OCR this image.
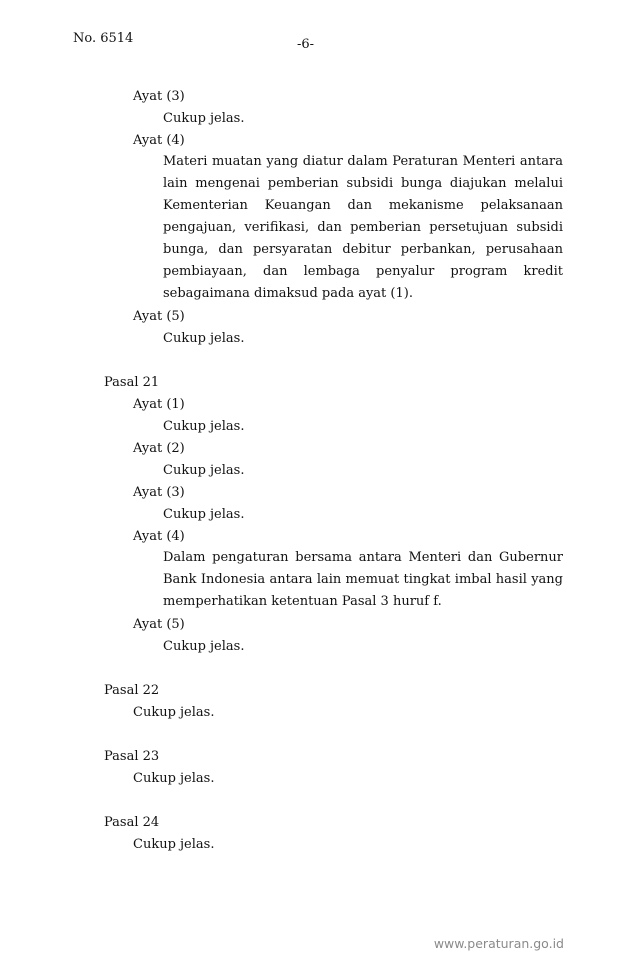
No. 6514	-6-
Ayat (3)
Cukup jelas.
Ayat (4)
Materi muatan yang diatur dalam Peraturan Menteri antara lain mengenai pemberian subsidi bunga diajukan melalui Kementerian Keuangan dan mekanisme pelaksanaan pengajuan, verifikasi, dan pemberian persetujuan subsidi bunga, dan persyaratan debitur perbankan, perusahaan pembiayaan, dan lembaga penyalur program kredit sebagaimana dimaksud pada ayat (1).
Ayat (5)
Cukup jelas.
Pasal 21
Ayat (1)
Cukup jelas.
Ayat (2)
Cukup jelas.
Ayat (3)
Cukup jelas.
Ayat (4)
Dalam pengaturan bersama antara Menteri dan Gubernur Bank Indonesia antara lain memuat tingkat imbal hasil yang memperhatikan ketentuan Pasal 3 huruf f.
Ayat (5)
Cukup jelas.
Pasal 22
Cukup jelas.
Pasal 23
Cukup jelas.
Pasal 24
Cukup jelas.
www.peraturan.go.id
